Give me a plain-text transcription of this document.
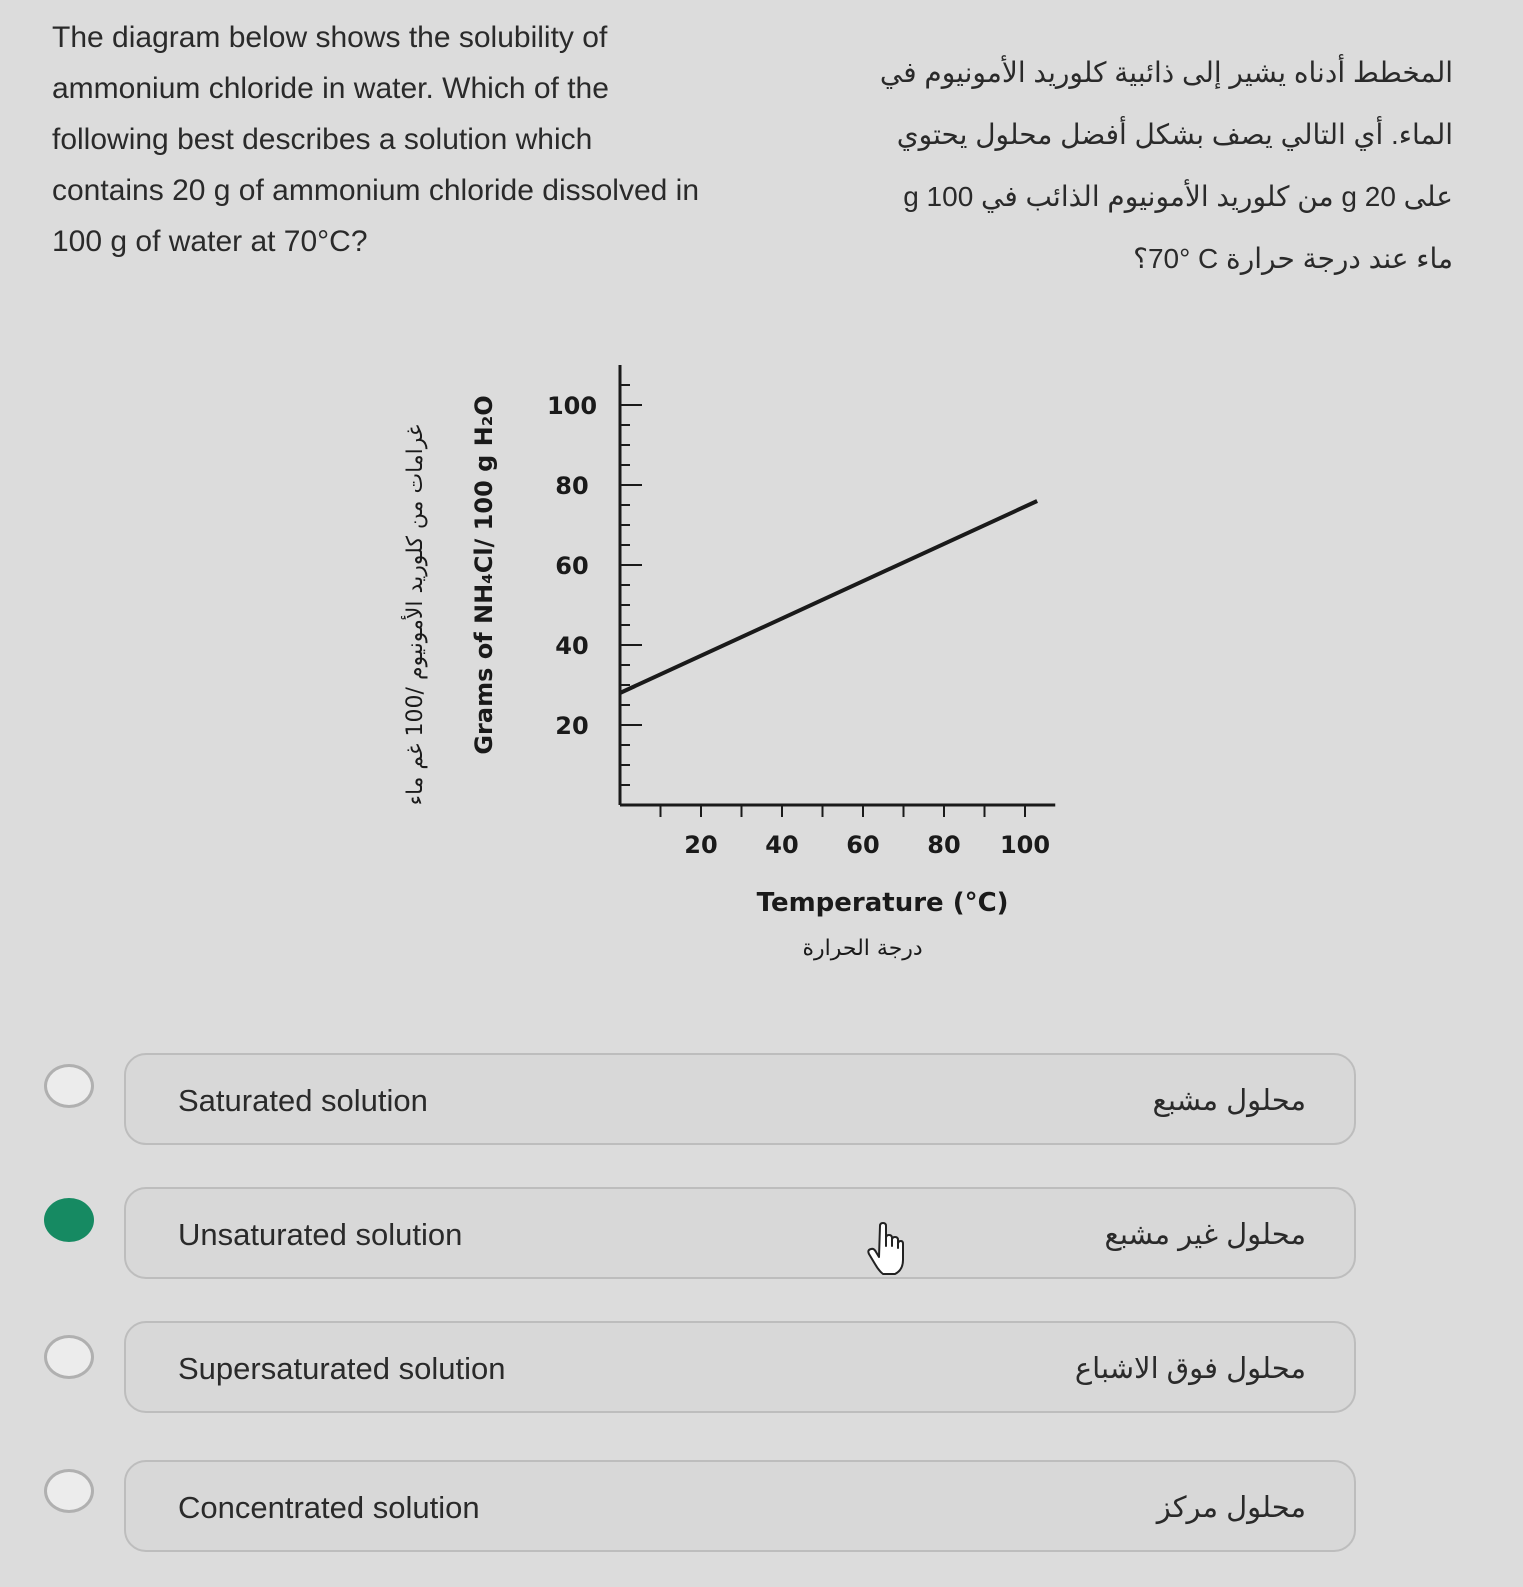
The diagram below shows the solubility of ammonium chloride in water. Which of the following best describes a solution which contains 20 g of ammonium chloride dissolved in 100 g of water at 70°C?
المخطط أدناه يشير إلى ذائبية كلوريد الأمونيوم في
الماء. أي التالي يصف بشكل أفضل محلول يحتوي
على 20 g من كلوريد الأمونيوم الذائب في 100 g
ماء عند درجة حرارة ‎70° C‏؟
20
40
60
80
100
20 40 60 80 100
Grams of NH₄Cl/ 100 g H₂O
غرامات من كلوريد الأمونيوم /100 غم ماء
Temperature (°C)
درجة الحرارة
Saturated solution	محلول مشبع
Unsaturated solution	محلول غير مشبع
Supersaturated solution	محلول فوق الاشباع
Concentrated solution	محلول مركز
